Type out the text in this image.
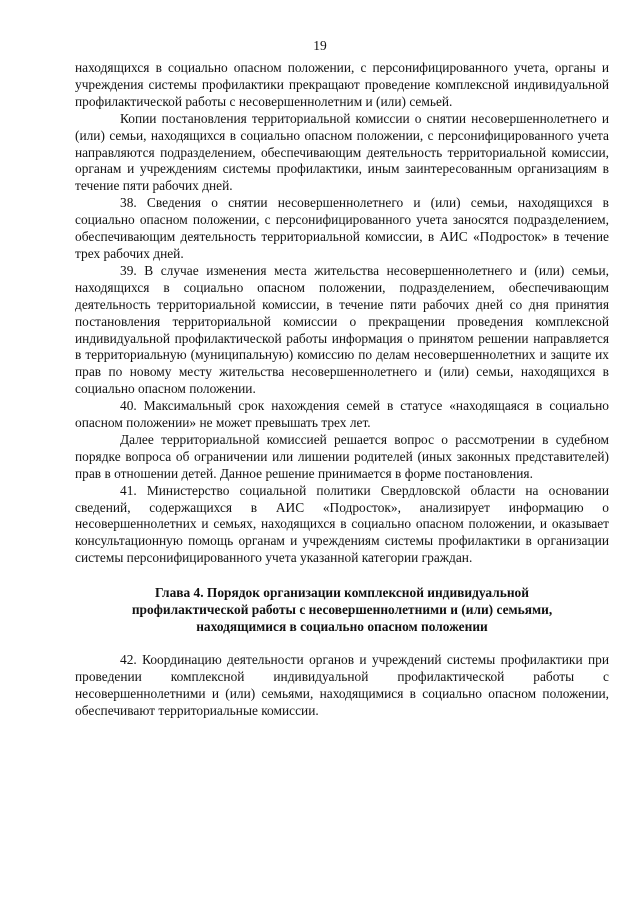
19

находящихся в социально опасном положении, с персонифицированного учета, органы и учреждения системы профилактики прекращают проведение комплексной индивидуальной профилактической работы с несовершеннолетним и (или) семьей.

Копии постановления территориальной комиссии о снятии несовершеннолетнего и (или) семьи, находящихся в социально опасном положении, с персонифицированного учета направляются подразделением, обеспечивающим деятельность территориальной комиссии, органам и учреждениям системы профилактики, иным заинтересованным организациям в течение пяти рабочих дней.

38. Сведения о снятии несовершеннолетнего и (или) семьи, находящихся в социально опасном положении, с персонифицированного учета заносятся подразделением, обеспечивающим деятельность территориальной комиссии, в АИС «Подросток» в течение трех рабочих дней.

39. В случае изменения места жительства несовершеннолетнего и (или) семьи, находящихся в социально опасном положении, подразделением, обеспечивающим деятельность территориальной комиссии, в течение пяти рабочих дней со дня принятия постановления территориальной комиссии о прекращении проведения комплексной индивидуальной профилактической работы информация о принятом решении направляется в территориальную (муниципальную) комиссию по делам несовершеннолетних и защите их прав по новому месту жительства несовершеннолетнего и (или) семьи, находящихся в социально опасном положении.

40. Максимальный срок нахождения семей в статусе «находящаяся в социально опасном положении» не может превышать трех лет.

Далее территориальной комиссией решается вопрос о рассмотрении в судебном порядке вопроса об ограничении или лишении родителей (иных законных представителей) прав в отношении детей. Данное решение принимается в форме постановления.

41. Министерство социальной политики Свердловской области на основании сведений, содержащихся в АИС «Подросток», анализирует информацию о несовершеннолетних и семьях, находящихся в социально опасном положении, и оказывает консультационную помощь органам и учреждениям системы профилактики в организации системы персонифицированного учета указанной категории граждан.

Глава 4. Порядок организации комплексной индивидуальной
профилактической работы с несовершеннолетними и (или) семьями,
находящимися в социально опасном положении

42. Координацию деятельности органов и учреждений системы профилактики при проведении комплексной индивидуальной профилактической работы с несовершеннолетними и (или) семьями, находящимися в социально опасном положении, обеспечивают территориальные комиссии.
